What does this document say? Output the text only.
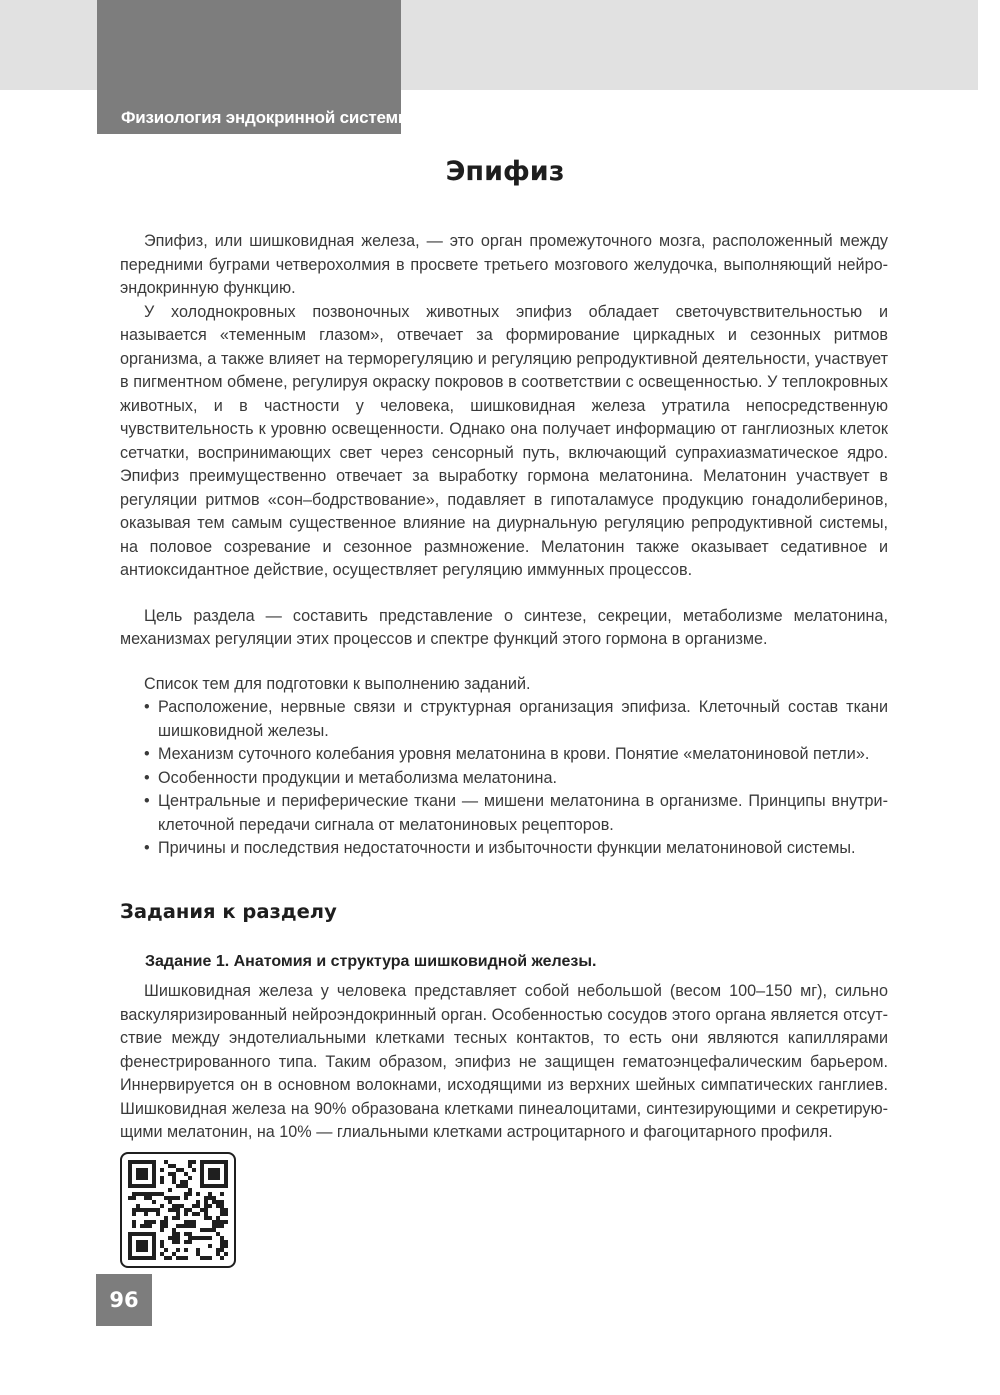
Физиология эндокринной системы
Эпифиз

Эпифиз, или шишковидная железа, — это орган промежуточного мозга, расположенный между передними буграми четверохолмия в просвете третьего мозгового желудочка, выполняющий нейроэндокринную функцию.

У холоднокровных позвоночных животных эпифиз обладает светочувствительностью и называется «теменным глазом», отвечает за формирование циркадных и сезонных ритмов организма, а также влияет на терморегуляцию и регуляцию репродуктивной деятельности, участвует в пигментном обмене, регулируя окраску покровов в соответствии с освещенностью. У теплокровных животных, и в частности у человека, шишковидная железа утратила непосредственную чувствительность к уровню освещенности. Однако она получает информацию от ганглиозных клеток сетчатки, воспринимающих свет через сенсорный путь, включающий супрахиазматическое ядро. Эпифиз преимущественно отвечает за выработку гормона мелатонина. Мелатонин участвует в регуляции ритмов «сон–бодрствование», подавляет в гипоталамусе продукцию гонадолиберинов, оказывая тем самым существенное влияние на диурнальную регуляцию репродуктивной системы, на половое созревание и сезонное размножение. Мелатонин также оказывает седативное и антиоксидантное действие, осуществляет регуляцию иммунных процессов.

Цель раздела — составить представление о синтезе, секреции, метаболизме мелатонина, механизмах регуляции этих процессов и спектре функций этого гормона в организме.

Список тем для подготовки к выполнению заданий.

• Расположение, нервные связи и структурная организация эпифиза. Клеточный состав ткани шишковидной железы.
• Механизм суточного колебания уровня мелатонина в крови. Понятие «мелатониновой петли».
• Особенности продукции и метаболизма мелатонина.
• Центральные и периферические ткани — мишени мелатонина в организме. Принципы внутриклеточной передачи сигнала от мелатониновых рецепторов.
• Причины и последствия недостаточности и избыточности функции мелатониновой системы.
Задания к разделу
Задание 1. Анатомия и структура шишковидной железы.

Шишковидная железа у человека представляет собой небольшой (весом 100–150 мг), сильно васкуляризированный нейроэндокринный орган. Особенностью сосудов этого органа является отсутствие между эндотелиальными клетками тесных контактов, то есть они являются капиллярами фенестрированного типа. Таким образом, эпифиз не защищен гематоэнцефалическим барьером. Иннервируется он в основном волокнами, исходящими из верхних шейных симпатических ганглиев. Шишковидная железа на 90% образована клетками пинеалоцитами, синтезирующими и секретирующими мелатонин, на 10% — глиальными клетками астроцитарного и фагоцитарного профиля.

96
